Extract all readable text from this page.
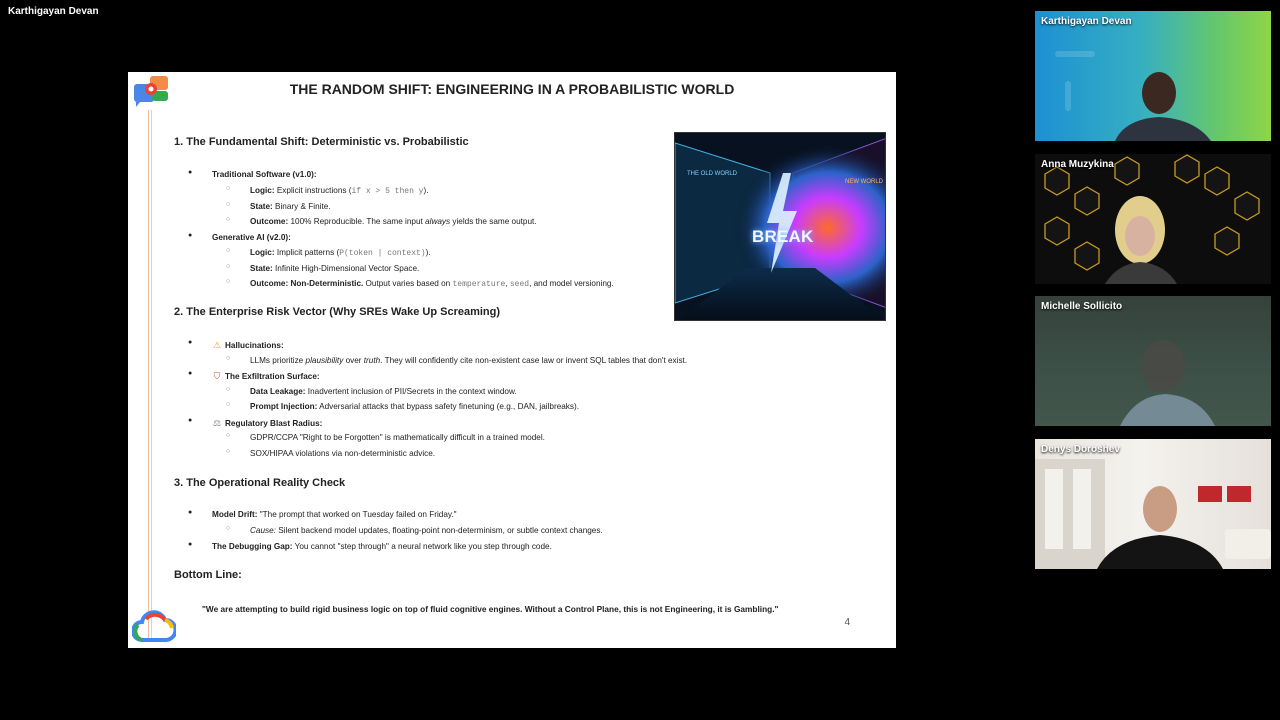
Karthigayan Devan
THE RANDOM SHIFT: ENGINEERING IN A PROBABILISTIC WORLD
THE OLD WORLD
NEW WORLD
BREAK
1. The Fundamental Shift: Deterministic vs. Probabilistic
● Traditional Software (v1.0):
○ Logic: Explicit instructions (if x > 5 then y).
○ State: Binary & Finite.
○ Outcome: 100% Reproducible. The same input always yields the same output.
● Generative AI (v2.0):
○ Logic: Implicit patterns (P(token | context)).
○ State: Infinite High-Dimensional Vector Space.
○ Outcome: Non-Deterministic. Output varies based on temperature, seed, and model versioning.
2. The Enterprise Risk Vector (Why SREs Wake Up Screaming)
● ⚠ Hallucinations:
○ LLMs prioritize plausibility over truth. They will confidently cite non-existent case law or invent SQL tables that don't exist.
● ⛉ The Exfiltration Surface:
○ Data Leakage: Inadvertent inclusion of PII/Secrets in the context window.
○ Prompt Injection: Adversarial attacks that bypass safety finetuning (e.g., DAN, jailbreaks).
● ⚖ Regulatory Blast Radius:
○ GDPR/CCPA "Right to be Forgotten" is mathematically difficult in a trained model.
○ SOX/HIPAA violations via non-deterministic advice.
3. The Operational Reality Check
● Model Drift: "The prompt that worked on Tuesday failed on Friday."
○ Cause: Silent backend model updates, floating-point non-determinism, or subtle context changes.
● The Debugging Gap: You cannot "step through" a neural network like you step through code.
Bottom Line:
"We are attempting to build rigid business logic on top of fluid cognitive engines. Without a Control Plane, this is not Engineering, it is Gambling."
4
Karthigayan Devan
Anna Muzykina
Michelle Sollicito
Denys Doroshev
